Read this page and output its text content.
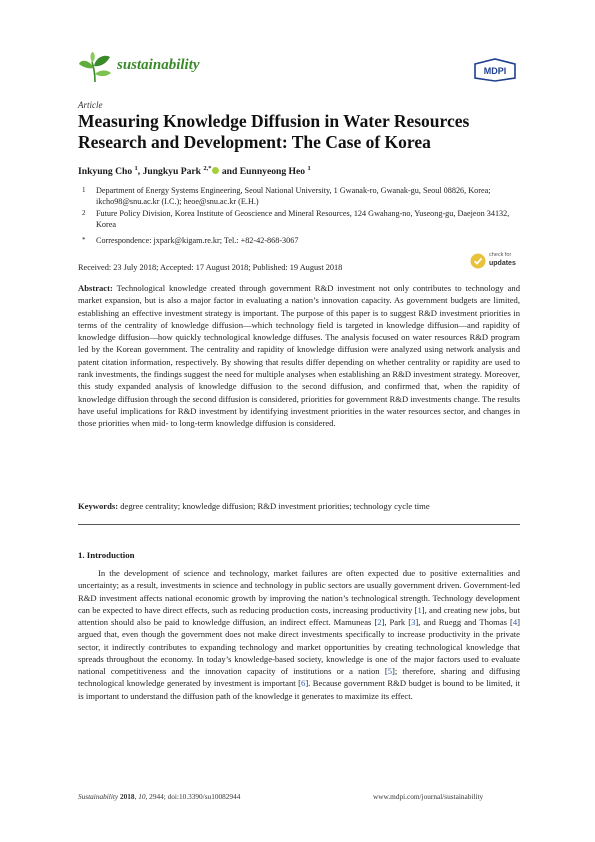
sustainability	MDPI
Article
Measuring Knowledge Diffusion in Water Resources Research and Development: The Case of Korea
Inkyung Cho $^1$, Jungkyu Park $^{2,*}$ and Eunnyeong Heo $^1$
1 Department of Energy Systems Engineering, Seoul National University, 1 Gwanak-ro, Gwanak-gu, Seoul 08826, Korea; ikcho98@snu.ac.kr (I.C.); heoe@snu.ac.kr (E.H.)
2 Future Policy Division, Korea Institute of Geoscience and Mineral Resources, 124 Gwahang-no, Yuseong-gu, Daejeon 34132, Korea
* Correspondence: jxpark@kigam.re.kr; Tel.: +82-42-868-3067
check for
updates
Received: 23 July 2018; Accepted: 17 August 2018; Published: 19 August 2018
Abstract: Technological knowledge created through government R&D investment not only contributes to technology and market expansion, but is also a major factor in evaluating a nation’s innovation capacity. As government budgets are limited, establishing an effective investment strategy is important. The purpose of this paper is to suggest R&D investment priorities in terms of the centrality of knowledge diffusion—which technology field is targeted in knowledge diffusion—and rapidity of knowledge diffusion—how quickly technological knowledge diffuses. The analysis focused on water resources R&D program led by the Korean government. The centrality and rapidity of knowledge diffusion were analyzed using network analysis and patent citation information, respectively. By showing that results differ depending on whether centrality or rapidity are used to rank investments, the findings suggest the need for multiple analyses when establishing an R&D investment strategy. Moreover, this study expanded analysis of knowledge diffusion to the second diffusion, and confirmed that, when the rapidity of knowledge diffusion through the second diffusion is considered, priorities for government R&D investments change. The results have useful implications for R&D investment by identifying investment priorities in the water resources sector, and changes in those priorities when mid- to long-term knowledge diffusion is considered.
Keywords: degree centrality; knowledge diffusion; R&D investment priorities; technology cycle time
1. Introduction

In the development of science and technology, market failures are often expected due to positive externalities and uncertainty; as a result, investments in science and technology in public sectors are usually government driven. Government-led R&D investment affects national economic growth by improving the nation’s technological strength. Technology development can be expected to have direct effects, such as reducing production costs, increasing productivity [1], and creating new jobs, but attention should also be paid to knowledge diffusion, an indirect effect. Mamuneas [2], Park [3], and Ruegg and Thomas [4] argued that, even though the government does not make direct investments specifically to increase productivity in the private sector, it indirectly contributes to expanding technology and market opportunities by creating technological knowledge that spreads throughout the economy. In today’s knowledge-based society, knowledge is one of the major factors used to evaluate national competitiveness and the innovation capacity of institutions or a nation [5]; therefore, sharing and diffusing technological knowledge generated by investment is important [6]. Because government R&D budget is bound to be limited, it is important to understand the diffusion path of the knowledge it generates to maximize its effect.

Sustainability 2018, 10, 2944; doi:10.3390/su10082944	www.mdpi.com/journal/sustainability
